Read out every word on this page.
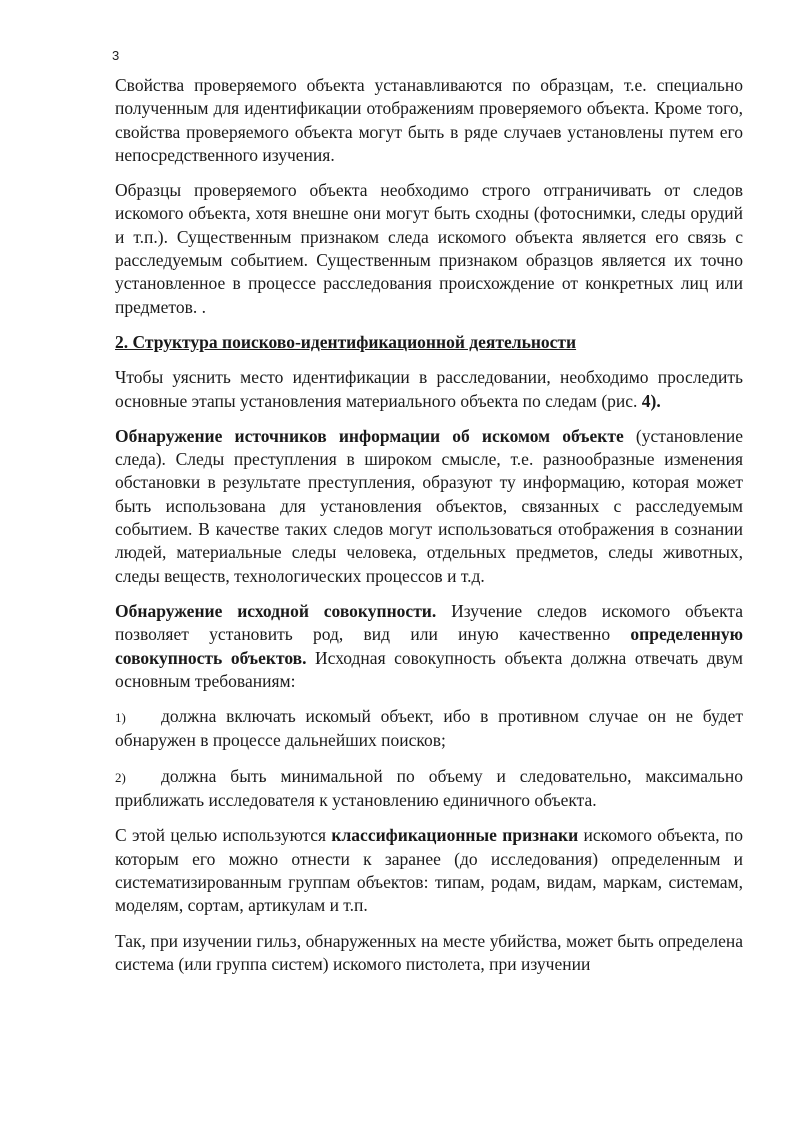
3

Свойства проверяемого объекта устанавливаются по образцам, т.е. специально полученным для идентификации отображениям проверяемого объекта. Кроме того, свойства проверяемого объекта могут быть в ряде случаев установлены путем его непосредственного изучения.

Образцы проверяемого объекта необходимо строго отграничивать от следов искомого объекта, хотя внешне они могут быть сходны (фотоснимки, следы орудий и т.п.). Существенным признаком следа искомого объекта является его связь с расследуемым событием. Существенным признаком образцов является их точно установленное в процессе расследования происхождение от конкретных лиц или предметов. .

2. Структура поисково-идентификационной деятельности

Чтобы уяснить место идентификации в расследовании, необходимо проследить основные этапы установления материального объекта по следам (рис. 4).

Обнаружение источников информации об искомом объекте (установление следа). Следы преступления в широком смысле, т.е. разнообразные изменения обстановки в результате преступления, образуют ту информацию, которая может быть использована для установления объектов, связанных с расследуемым событием. В качестве таких следов могут использоваться отображения в сознании людей, материальные следы человека, отдельных предметов, следы животных, следы веществ, технологических процессов и т.д.

Обнаружение исходной совокупности. Изучение следов искомого объекта позволяет установить род, вид или иную качественно определенную совокупность объектов. Исходная совокупность объекта должна отвечать двум основным требованиям:

1) должна включать искомый объект, ибо в противном случае он не будет обнаружен в процессе дальнейших поисков;

2) должна быть минимальной по объему и следовательно, максимально приближать исследователя к установлению единичного объекта.

С этой целью используются классификационные признаки искомого объекта, по которым его можно отнести к заранее (до исследования) определенным и систематизированным группам объектов: типам, родам, видам, маркам, системам, моделям, сортам, артикулам и т.п.

Так, при изучении гильз, обнаруженных на месте убийства, может быть определена система (или группа систем) искомого пистолета, при изучении
